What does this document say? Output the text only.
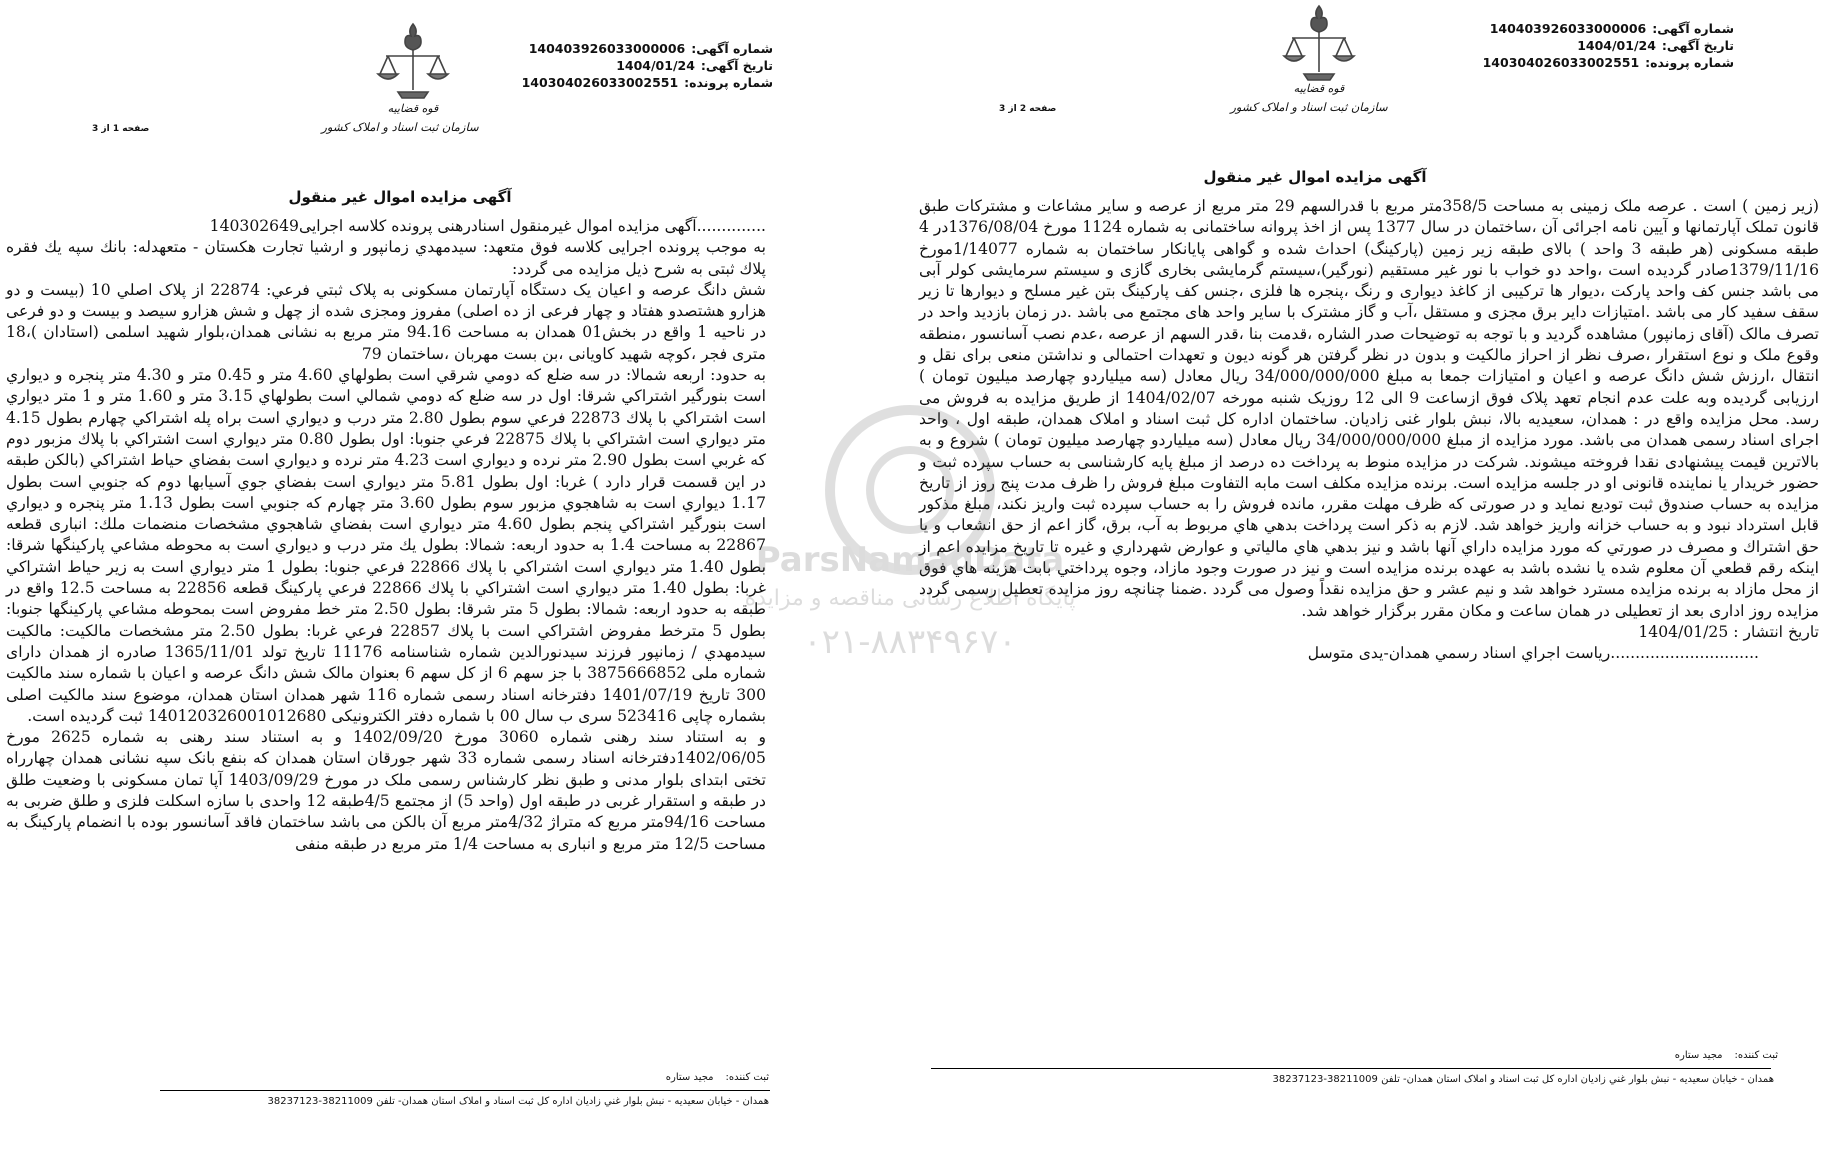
شماره آگهی:140403926033000006
تاریخ آگهی:1404/01/24
شماره پرونده:140304026033002551
قوه قضاییه
سازمان ثبت اسناد و املاک کشور
صفحه 1 از 3
آگهی مزایده اموال غیر منقول

..............آگهی مزایده اموال غیرمنقول اسنادرهنی پرونده کلاسه اجرایی140302649

به موجب پرونده اجرایی کلاسه فوق متعهد: سیدمهدي زمانپور و ارشیا تجارت هکستان - متعهدله: بانك سپه يك فقره پلاك ثبتی به شرح ذیل مزایده می گردد:

شش دانگ عرصه و اعیان یک دستگاه آپارتمان مسکونی به پلاک ثبتي فرعي: 22874 از پلاک اصلي 10 (بیست و دو هزارو هشتصدو هفتاد و چهار فرعی از ده اصلی) مفروز ومجزی شده از چهل و شش هزارو سیصد و بیست و دو فرعی در ناحیه 1 واقع در بخش01 همدان به مساحت 94.16 متر مربع به نشانی همدان،بلوار شهید اسلمی (استادان )،18 متری فجر ،کوچه شهید کاویانی ،بن بست مهربان ،ساختمان 79

به حدود: اربعه شمالا: در سه ضلع كه دومي شرقي است بطولهاي 4.60 متر و 0.45 متر و 4.30 متر پنجره و ديواري است بنورگير اشتراكي شرقا: اول در سه ضلع كه دومي شمالي است بطولهاي 3.15 متر و 1.60 متر و 1 متر ديواري است اشتراكي با پلاك 22873 فرعي سوم بطول 2.80 متر درب و ديواري است براه پله اشتراكي چهارم بطول 4.15 متر ديواري است اشتراكي با پلاك 22875 فرعي جنوبا: اول بطول 0.80 متر ديواري است اشتراكي با پلاك مزبور دوم كه غربي است بطول 2.90 متر نرده و ديواري است 4.23 متر نرده و ديواري است بفضاي حياط اشتراكي (بالكن طبقه در اين قسمت قرار دارد ) غربا: اول بطول 5.81 متر ديواري است بفضاي جوي آسيابها دوم كه جنوبي است بطول 1.17 ديواري است به شاهجوي مزبور سوم بطول 3.60 متر چهارم كه جنوبي است بطول 1.13 متر پنجره و ديواري است بنورگير اشتراكي پنجم بطول 4.60 متر ديواري است بفضاي شاهجوي مشخصات منضمات ملك: انباری قطعه 22867 به مساحت 1.4 به حدود اربعه: شمالا: بطول يك متر درب و ديواري است به محوطه مشاعي پاركينگها شرقا: بطول 1.40 متر ديواري است اشتراكي با پلاك 22866 فرعي جنوبا: بطول 1 متر ديواري است به زير حياط اشتراكي غربا: بطول 1.40 متر ديواري است اشتراكي با پلاك 22866 فرعي پارکینگ قطعه 22856 به مساحت 12.5 واقع در طبقه به حدود اربعه: شمالا: بطول 5 متر شرقا: بطول 2.50 متر خط مفروض است بمحوطه مشاعي پاركينگها جنوبا: بطول 5 مترخط مفروض اشتراكي است با پلاك 22857 فرعي غربا: بطول 2.50 متر مشخصات مالکیت: مالكيت سيدمهدي / زمانپور فرزند سيدنورالدين شماره شناسنامه 11176 تاریخ تولد 1365/11/01 صادره از همدان دارای شماره ملی 3875666852 با جز سهم 6 از کل سهم 6 بعنوان مالک شش دانگ عرصه و اعیان با شماره سند مالکیت 300 تاریخ 1401/07/19 دفترخانه اسناد رسمی شماره 116 شهر همدان استان همدان، موضوع سند مالکیت اصلی بشماره چاپی 523416 سری ب سال 00 با شماره دفتر الکترونیکی 140120326001012680 ثبت گردیده است.

و به استناد سند رهنی شماره 3060 مورخ 1402/09/20 و به استناد سند رهنی به شماره 2625 مورخ 1402/06/05دفترخانه اسناد رسمی شماره 33 شهر جورقان استان همدان که بنفع بانک سپه نشانی همدان چهارراه تختی ابتدای بلوار مدنی و طبق نظر کارشناس رسمی ملک در مورخ 1403/09/29 آپا تمان مسکونی با وضعیت طلق در طبقه و استقرار غربی در طبقه اول (واحد 5) از مجتمع 4/5طبقه 12 واحدی با سازه اسکلت فلزی و طلق ضربی به مساحت 94/16متر مربع که متراژ 4/32متر مربع آن بالکن می باشد ساختمان فاقد آسانسور بوده با انضمام پارکینگ به مساحت 12/5 متر مربع و انباری به مساحت 1/4 متر مربع در طبقه منفی

ثبت کننده:مجید ستاره
همدان - خیابان سعیدیه - نبش بلوار غني زادیان اداره کل ثبت اسناد و املاک استان همدان- تلفن 38211009-38237123
شماره آگهی:140403926033000006
تاریخ آگهی:1404/01/24
شماره پرونده:140304026033002551
قوه قضاییه
سازمان ثبت اسناد و املاک کشور
صفحه 2 از 3
آگهی مزایده اموال غیر منقول

(زیر زمین ) است . عرصه ملک زمینی به مساحت 358/5متر مربع با قدرالسهم 29 متر مربع از عرصه و سایر مشاعات و مشترکات طبق قانون تملک آپارتمانها و آیین نامه اجرائی آن ،ساختمان در سال 1377 پس از اخذ پروانه ساختمانی به شماره 1124 مورخ 1376/08/04در 4 طبقه مسکونی (هر طبقه 3 واحد ) بالای طبقه زیر زمین (پارکینگ) احداث شده و گواهی پایانکار ساختمان به شماره 1/14077مورخ 1379/11/16صادر گردیده است ،واحد دو خواب با نور غیر مستقیم (نورگیر)،سیستم گرمایشی بخاری گازی و سیستم سرمایشی کولر آبی می باشد جنس کف واحد پارکت ،دیوار ها ترکیبی از کاغذ دیواری و رنگ ،پنجره ها فلزی ،جنس کف پارکینگ بتن غیر مسلح و دیوارها تا زیر سقف سفید کار می باشد .امتیازات دایر برق مجزی و مستقل ،آب و گاز مشترک با سایر واحد های مجتمع می باشد .در زمان بازدید واحد در تصرف مالک (آقای زمانپور) مشاهده گردید و با توجه به توضیحات صدر الشاره ،قدمت بنا ،قدر السهم از عرصه ،عدم نصب آسانسور ،منطقه وقوع ملک و نوع استقرار ،صرف نظر از احراز مالکیت و بدون در نظر گرفتن هر گونه دیون و تعهدات احتمالی و نداشتن منعی برای نقل و انتقال ،ارزش شش دانگ عرصه و اعیان و امتیازات جمعا به مبلغ 34/000/000/000 ریال معادل (سه میلیاردو چهارصد میلیون تومان ) ارزیابی گردیده وبه علت عدم انجام تعهد پلاک فوق ازساعت 9 الی 12 روزیک شنبه مورخه 1404/02/07 از طریق مزایده به فروش می رسد. محل مزایده واقع در : همدان، سعیدیه بالا، نبش بلوار غنی زادیان. ساختمان اداره کل ثبت اسناد و املاک همدان، طبقه اول ، واحد اجرای اسناد رسمی همدان می باشد. مورد مزایده از مبلغ 34/000/000/000 ریال معادل (سه میلیاردو چهارصد میلیون تومان ) شروع و به بالاترین قیمت پیشنهادی نقدا فروخته میشوند. شرکت در مزایده منوط به پرداخت ده درصد از مبلغ پایه کارشناسی به حساب سپرده ثبت و حضور خریدار یا نماینده قانونی او در جلسه مزایده است. برنده مزایده مکلف است مابه التفاوت مبلغ فروش را ظرف مدت پنج روز از تاریخ مزایده به حساب صندوق ثبت تودیع نماید و در صورتی که ظرف مهلت مقرر، مانده فروش را به حساب سپرده ثبت واریز نکند، مبلغ مذکور قابل استرداد نبود و به حساب خزانه واریز خواهد شد. لازم به ذكر است پرداخت بدهي هاي مربوط به آب، برق، گاز اعم از حق انشعاب و يا حق اشتراك و مصرف در صورتي كه مورد مزايده داراي آنها باشد و نيز بدهي هاي مالياتي و عوارض شهرداري و غيره تا تاريخ مزايده اعم از اينكه رقم قطعي آن معلوم شده يا نشده باشد به عهده برنده مزايده است و نيز در صورت وجود مازاد، وجوه پرداختي بابت هزينه هاي فوق از محل مازاد به برنده مزايده مسترد خواهد شد و نیم عشر و حق مزایده نقداً وصول می گردد .ضمنا چنانچه روز مزایده تعطیل رسمی گردد مزایده روز اداری بعد از تعطیلی در همان ساعت و مکان مقرر برگزار خواهد شد.

تاريخ انتشار : 1404/01/25

..............................رياست اجراي اسناد رسمي همدان-يدی متوسل

ثبت کننده:مجید ستاره
همدان - خیابان سعیدیه - نبش بلوار غني زادیان اداره کل ثبت اسناد و املاک استان همدان- تلفن 38211009-38237123
ParsNamadData
پایگاه اطلاع رسانی مناقصه و مزایده
۰۲۱-۸۸۳۴۹۶۷۰
